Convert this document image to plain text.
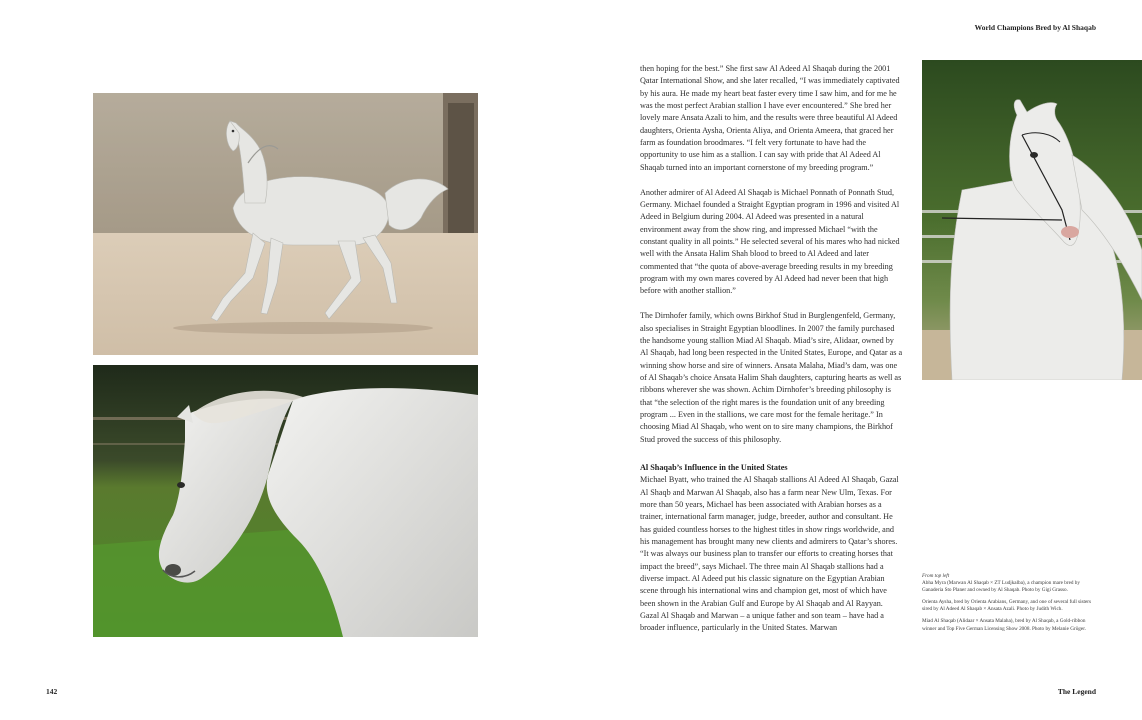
World Champions Bred by Al Shaqab

then hoping for the best.” She first saw Al Adeed Al Shaqab during the 2001 Qatar International Show, and she later recalled, “I was immediately captivated by his aura. He made my heart beat faster every time I saw him, and for me he was the most perfect Arabian stallion I have ever encountered.” She bred her lovely mare Ansata Azali to him, and the results were three beautiful Al Adeed daughters, Orienta Aysha, Orienta Aliya, and Orienta Ameera, that graced her farm as foundation broodmares. “I felt very fortunate to have had the opportunity to use him as a stallion. I can say with pride that Al Adeed Al Shaqab turned into an important cornerstone of my breeding program.”

Another admirer of Al Adeed Al Shaqab is Michael Ponnath of Ponnath Stud, Germany. Michael founded a Straight Egyptian program in 1996 and visited Al Adeed in Belgium during 2004. Al Adeed was presented in a natural environment away from the show ring, and impressed Michael “with the constant quality in all points.” He selected several of his mares who had nicked well with the Ansata Halim Shah blood to breed to Al Adeed and later commented that “the quota of above-average breeding results in my breeding program with my own mares covered by Al Adeed had never been that high before with another stallion.”

The Dirnhofer family, which owns Birkhof Stud in Burglengenfeld, Germany, also specialises in Straight Egyptian bloodlines. In 2007 the family purchased the handsome young stallion Miad Al Shaqab. Miad’s sire, Alidaar, owned by Al Shaqab, had long been respected in the United States, Europe, and Qatar as a winning show horse and sire of winners. Ansata Malaha, Miad’s dam, was one of Al Shaqab’s choice Ansata Halim Shah daughters, capturing hearts as well as ribbons wherever she was shown. Achim Dirnhofer’s breeding philosophy is that “the selection of the right mares is the foundation unit of any breeding program ... Even in the stallions, we care most for the female heritage.” In choosing Miad Al Shaqab, who went on to sire many champions, the Birkhof Stud proved the success of this philosophy.

Al Shaqab’s Influence in the United States

Michael Byatt, who trained the Al Shaqab stallions Al Adeed Al Shaqab, Gazal Al Shaqb and Marwan Al Shaqab, also has a farm near New Ulm, Texas. For more than 50 years, Michael has been associated with Arabian horses as a trainer, international farm manager, judge, breeder, author and consultant. He has guided countless horses to the highest titles in show rings worldwide, and his management has brought many new clients and admirers to Qatar’s shores. “It was always our business plan to transfer our efforts to creating horses that impact the breed”, says Michael. The three main Al Shaqab stallions had a diverse impact. Al Adeed put his classic signature on the Egyptian Arabian scene through his international wins and champion get, most of which have been shown in the Arabian Gulf and Europe by Al Shaqab and Al Rayyan. Gazal Al Shaqab and Marwan – a unique father and son team – have had a broader influence, particularly in the United States. Marwan

From top left

Abha Myra (Marwan Al Shaqab × ZT Ludjkalba), a champion mare bred by Ganaderia Sto Planer and owned by Al Shaqab. Photo by Gigi Grasso.

Orienta Aysha, bred by Orienta Arabians, Germany, and one of several full sisters sired by Al Adeed Al Shaqab × Ansata Azali. Photo by Judith Wich.

Miad Al Shaqab (Alidaar × Ansata Malaha), bred by Al Shaqab, a Gold-ribbon winner and Top Five German Licensing Show 2008. Photo by Melanie Gröger.

142	The Legend
